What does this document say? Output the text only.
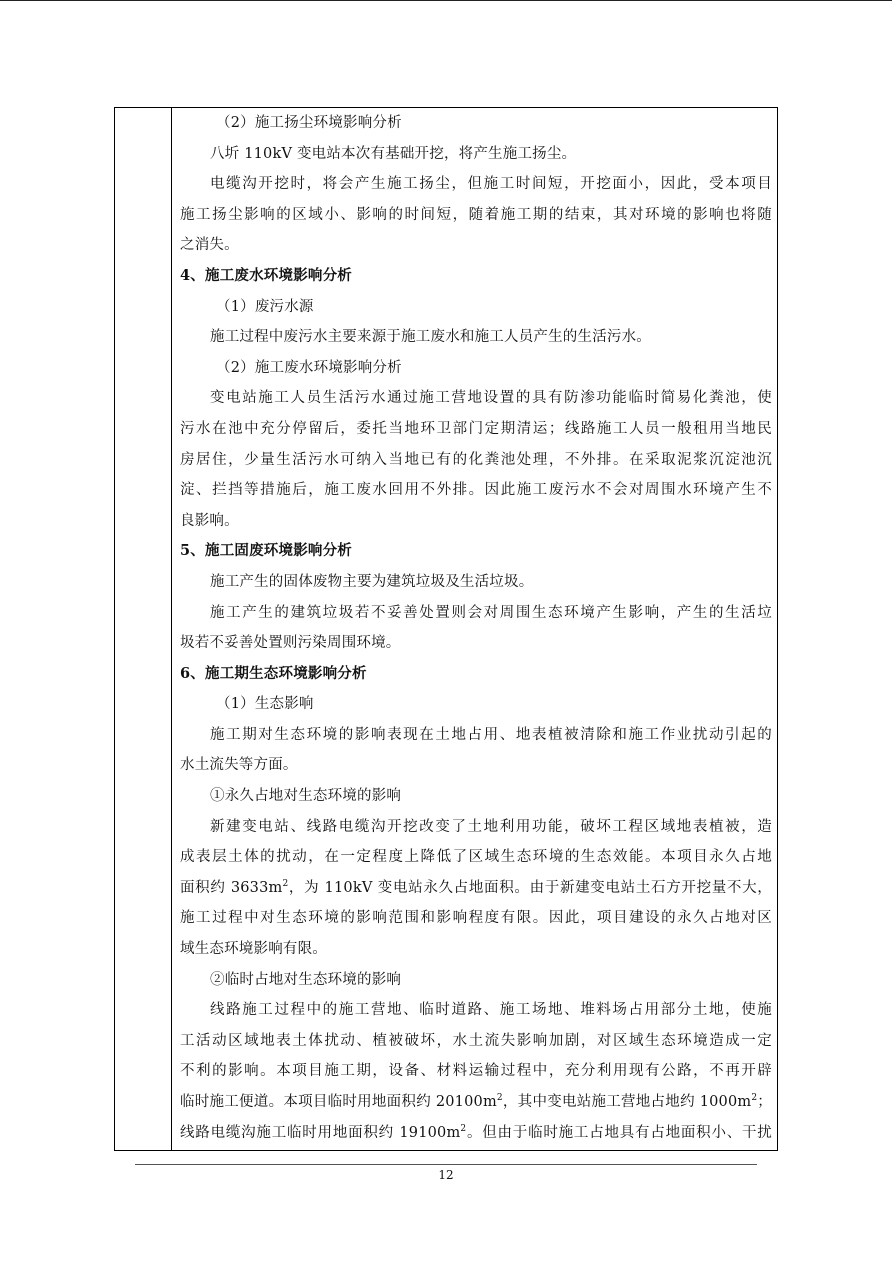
（2）施工扬尘环境影响分析
八圻 110kV 变电站本次有基础开挖，将产生施工扬尘。
电缆沟开挖时，将会产生施工扬尘，但施工时间短，开挖面小，因此，受本项目
施工扬尘影响的区域小、影响的时间短，随着施工期的结束，其对环境的影响也将随
之消失。
4、施工废水环境影响分析
（1）废污水源
施工过程中废污水主要来源于施工废水和施工人员产生的生活污水。
（2）施工废水环境影响分析
变电站施工人员生活污水通过施工营地设置的具有防渗功能临时简易化粪池，使
污水在池中充分停留后，委托当地环卫部门定期清运；线路施工人员一般租用当地民
房居住，少量生活污水可纳入当地已有的化粪池处理，不外排。在采取泥浆沉淀池沉
淀、拦挡等措施后，施工废水回用不外排。因此施工废污水不会对周围水环境产生不
良影响。
5、施工固废环境影响分析
施工产生的固体废物主要为建筑垃圾及生活垃圾。
施工产生的建筑垃圾若不妥善处置则会对周围生态环境产生影响，产生的生活垃
圾若不妥善处置则污染周围环境。
6、施工期生态环境影响分析
（1）生态影响
施工期对生态环境的影响表现在土地占用、地表植被清除和施工作业扰动引起的
水土流失等方面。
①永久占地对生态环境的影响
新建变电站、线路电缆沟开挖改变了土地利用功能，破坏工程区域地表植被，造
成表层土体的扰动，在一定程度上降低了区域生态环境的生态效能。本项目永久占地
面积约 $3633m^2$，为 110kV 变电站永久占地面积。由于新建变电站土石方开挖量不大，
施工过程中对生态环境的影响范围和影响程度有限。因此，项目建设的永久占地对区
域生态环境影响有限。
②临时占地对生态环境的影响
线路施工过程中的施工营地、临时道路、施工场地、堆料场占用部分土地，使施
工活动区域地表土体扰动、植被破坏，水土流失影响加剧，对区域生态环境造成一定
不利的影响。本项目施工期，设备、材料运输过程中，充分利用现有公路，不再开辟
临时施工便道。本项目临时用地面积约 $20100m^2$，其中变电站施工营地占地约 $1000m^2$；
线路电缆沟施工临时用地面积约 $19100m^2$。但由于临时施工占地具有占地面积小、干扰
12
